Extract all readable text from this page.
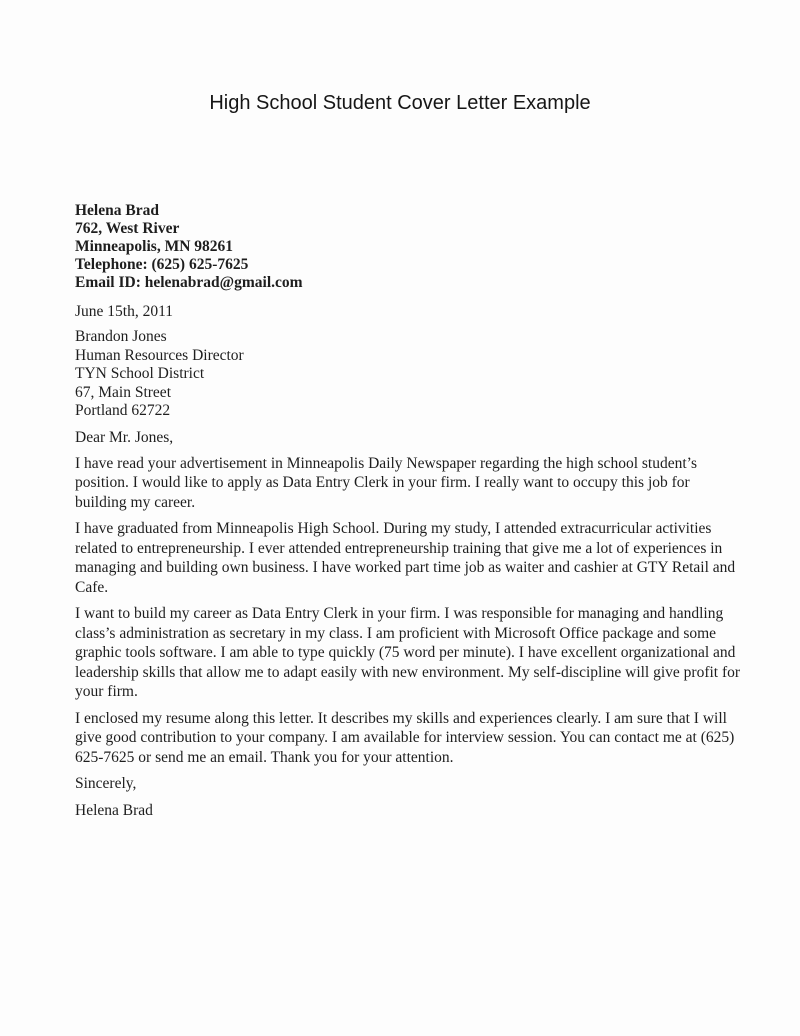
High School Student Cover Letter Example
Helena Brad
762, West River
Minneapolis, MN 98261
Telephone: (625) 625-7625
Email ID: helenabrad@gmail.com
June 15th, 2011
Brandon Jones
Human Resources Director
TYN School District
67, Main Street
Portland 62722
Dear Mr. Jones,

I have read your advertisement in Minneapolis Daily Newspaper regarding the high school student’s position. I would like to apply as Data Entry Clerk in your firm. I really want to occupy this job for building my career.

I have graduated from Minneapolis High School. During my study, I attended extracurricular activities related to entrepreneurship. I ever attended entrepreneurship training that give me a lot of experiences in managing and building own business. I have worked part time job as waiter and cashier at GTY Retail and Cafe.

I want to build my career as Data Entry Clerk in your firm. I was responsible for managing and handling class’s administration as secretary in my class. I am proficient with Microsoft Office package and some graphic tools software. I am able to type quickly (75 word per minute). I have excellent organizational and leadership skills that allow me to adapt easily with new environment. My self-discipline will give profit for your firm.

I enclosed my resume along this letter. It describes my skills and experiences clearly. I am sure that I will give good contribution to your company. I am available for interview session. You can contact me at (625) 625-7625 or send me an email. Thank you for your attention.

Sincerely,
Helena Brad
